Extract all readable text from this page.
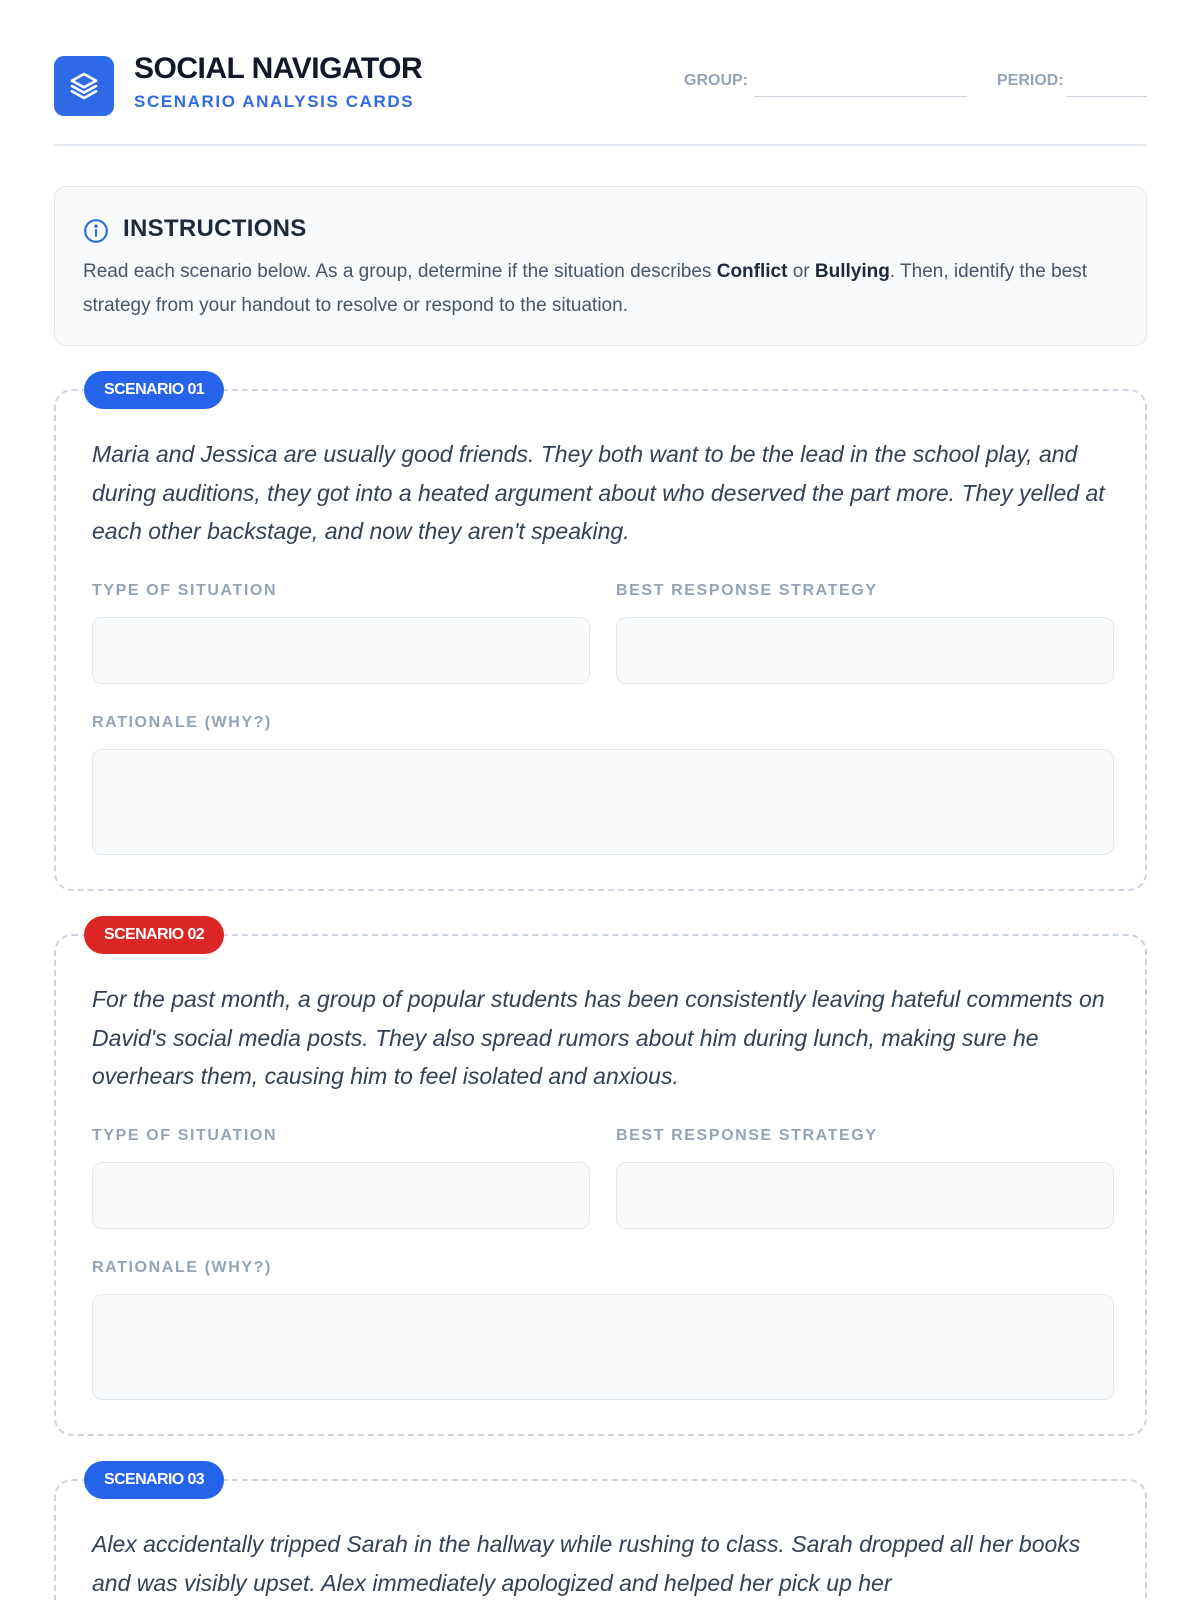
SOCIAL NAVIGATOR
SCENARIO ANALYSIS CARDS
GROUP:	PERIOD:
INSTRUCTIONS
Read each scenario below. As a group, determine if the situation describes Conflict or Bullying. Then, identify the best strategy from your handout to resolve or respond to the situation.
SCENARIO 01
Maria and Jessica are usually good friends. They both want to be the lead in the school play, and during auditions, they got into a heated argument about who deserved the part more. They yelled at each other backstage, and now they aren't speaking.
TYPE OF SITUATION	BEST RESPONSE STRATEGY
RATIONALE (WHY?)
SCENARIO 02
For the past month, a group of popular students has been consistently leaving hateful comments on David's social media posts. They also spread rumors about him during lunch, making sure he overhears them, causing him to feel isolated and anxious.
TYPE OF SITUATION	BEST RESPONSE STRATEGY
RATIONALE (WHY?)
SCENARIO 03
Alex accidentally tripped Sarah in the hallway while rushing to class. Sarah dropped all her books and was visibly upset. Alex immediately apologized and helped her pick up her
